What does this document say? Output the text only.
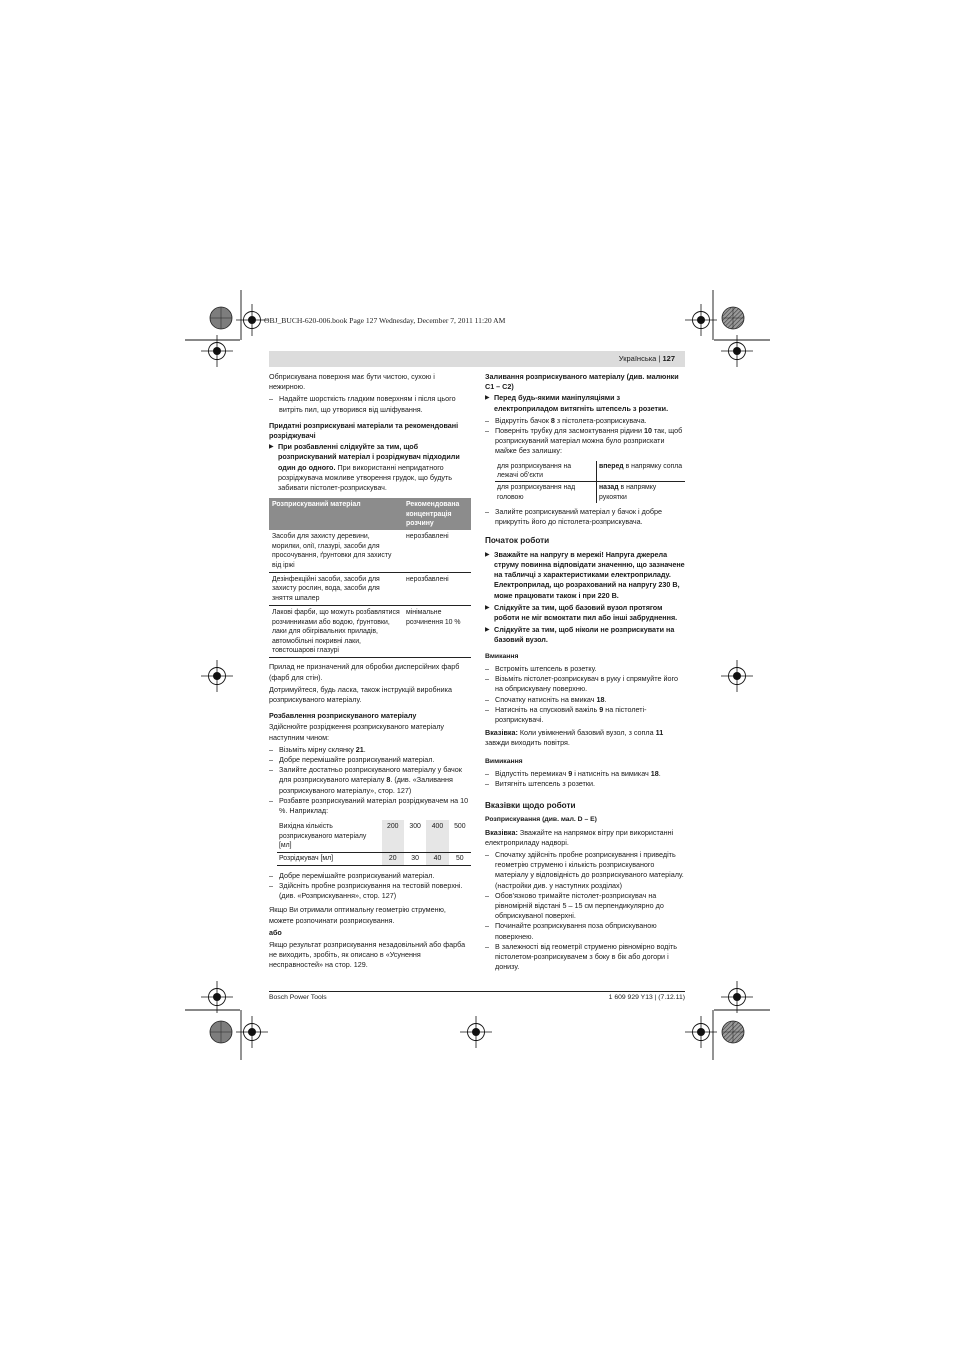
OBJ_BUCH-620-006.book Page 127 Wednesday, December 7, 2011 11:20 AM
Українська | 127

Обприскувана поверхня має бути чистою, сухою і нежирною.

– Надайте шорсткість гладким поверхням і після цього витріть пил, що утворився від шліфування.

Придатні розприскувані матеріали та рекомендовані розріджувачі

▶ При розбавленні слідкуйте за тим, щоб розприскуваний матеріал і розріджувач підходили один до одного. При використанні непридатного розріджувача можливе утворення грудок, що будуть забивати пістолет-розприскувач.

Розприскуваний матеріал	Рекомендована концентрація розчину
Засоби для захисту деревини, морилки, олії, глазурі, засоби для просочування, ґрунтовки для захисту від іржі	нерозбавлені
Дезінфекційні засоби, засоби для захисту рослин, вода, засоби для зняття шпалер	нерозбавлені
Лакові фарби, що можуть розбавлятися розчинниками або водою, ґрунтовки, лаки для обігрівальних приладів, автомобільні покривні лаки, товстошарові глазурі	мінімальне розчинення 10 %

Прилад не призначений для обробки дисперсійних фарб (фарб для стін).

Дотримуйтеся, будь ласка, також інструкцій виробника розприскуваного матеріалу.

Розбавлення розприскуваного матеріалу

Здійснюйте розрідження розприскуваного матеріалу наступним чином:

– Візьміть мірну склянку 21.

– Добре перемішайте розприскуваний матеріал.

– Залийте достатньо розприскуваного матеріалу у бачок для розприскуваного матеріалу 8. (див. «Заливання розприскуваного матеріалу», стор. 127)

– Розбавте розприскуваний матеріал розріджувачем на 10 %. Наприклад:

Вихідна кількість розприскуваного матеріалу [мл]	200	300	400	500
Розріджувач [мл]	20	30	40	50

– Добре перемішайте розприскуваний матеріал.

– Здійсніть пробне розприскування на тестовій поверхні. (див. «Розприскування», стор. 127)

Якщо Ви отримали оптимальну геометрію струменю, можете розпочинати розприскування.

або

Якщо результат розприскування незадовільний або фарба не виходить, зробіть, як описано в «Усунення несправностей» на стор. 129.

Заливання розприскуваного матеріалу (див. малюнки C1 – C2)

▶ Перед будь-якими маніпуляціями з електроприладом витягніть штепсель з розетки.

– Відкрутіть бачок 8 з пістолета-розприскувача.

– Поверніть трубку для засмоктування рідини 10 так, щоб розприскуваний матеріал можна було розприскати майже без залишку:

для розприскування на лежачі об’єкти	вперед в напрямку сопла
для розприскування над головою	назад в напрямку рукоятки

– Залийте розприскуваний матеріал у бачок і добре прикрутіть його до пістолета-розприскувача.

Початок роботи

▶ Зважайте на напругу в мережі! Напруга джерела струму повинна відповідати значенню, що зазначене на табличці з характеристиками електроприладу. Електроприлад, що розрахований на напругу 230 В, може працювати також і при 220 В.

▶ Слідкуйте за тим, щоб базовий вузол протягом роботи не міг всмоктати пил або інші забруднення.

▶ Слідкуйте за тим, щоб ніколи не розприскувати на базовий вузол.

Вмикання

– Встроміть штепсель в розетку.

– Візьміть пістолет-розприскувач в руку і спрямуйте його на обприскувану поверхню.

– Спочатку натисніть на вмикач 18.

– Натисніть на спусковий важіль 9 на пістолеті-розприскувачі.

Вказівка: Коли увімкнений базовий вузол, з сопла 11 завжди виходить повітря.

Вимикання

– Відпустіть перемикач 9 і натисніть на вимикач 18.

– Витягніть штепсель з розетки.

Вказівки щодо роботи

Розприскування (див. мал. D – E)

Вказівка: Зважайте на напрямок вітру при використанні електроприладу надворі.

– Спочатку здійсніть пробне розприскування і приведіть геометрію струменю і кількість розприскуваного матеріалу у відповідність до розприскуваного матеріалу. (настройки див. у наступних розділах)

– Обов’язково тримайте пістолет-розприскувач на рівномірній відстані 5 – 15 см перпендикулярно до обприскуваної поверхні.

– Починайте розприскування поза обприскуваною поверхнею.

– В залежності від геометрії струменю рівномірно водіть пістолетом-розприскувачем з боку в бік або догори і донизу.

Bosch Power Tools	1 609 929 Y13 | (7.12.11)
